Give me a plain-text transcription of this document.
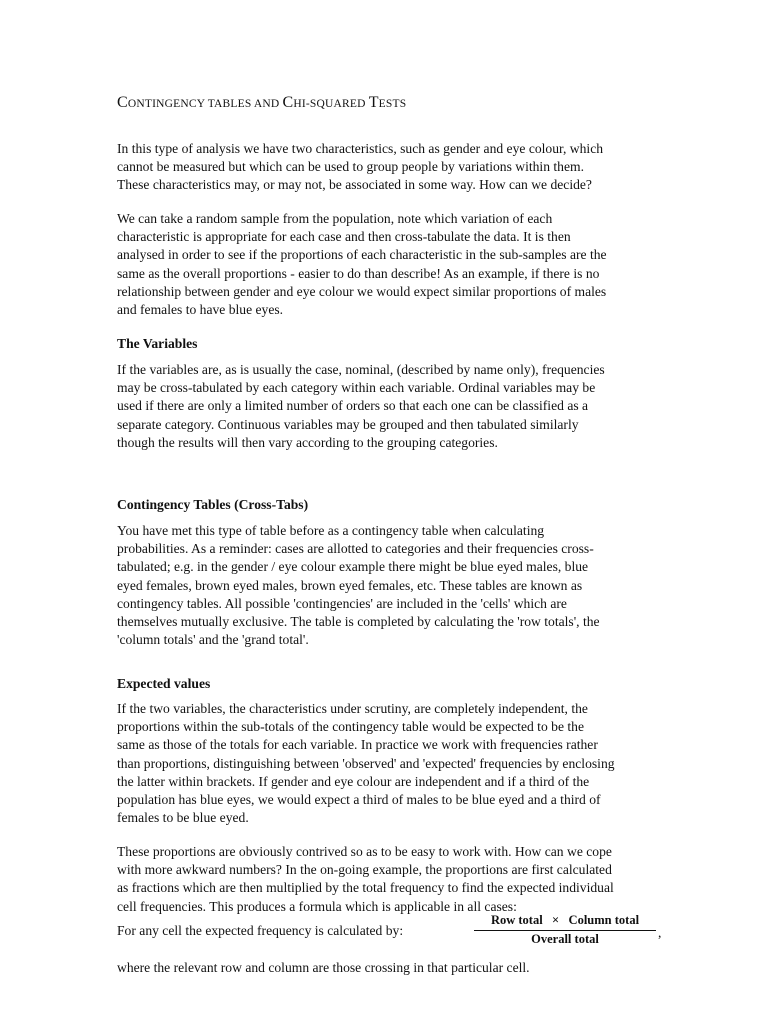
CONTINGENCY TABLES AND CHI-SQUARED TESTS

In this type of analysis we have two characteristics, such as gender and eye colour, which
cannot be measured but which can be used to group people by variations within them.
These characteristics may, or may not, be associated in some way. How can we decide?

We can take a random sample from the population, note which variation of each
characteristic is appropriate for each case and then cross-tabulate the data. It is then
analysed in order to see if the proportions of each characteristic in the sub-samples are the
same as the overall proportions - easier to do than describe! As an example, if there is no
relationship between gender and eye colour we would expect similar proportions of males
and females to have blue eyes.

The Variables

If the variables are, as is usually the case, nominal, (described by name only), frequencies
may be cross-tabulated by each category within each variable. Ordinal variables may be
used if there are only a limited number of orders so that each one can be classified as a
separate category. Continuous variables may be grouped and then tabulated similarly
though the results will then vary according to the grouping categories.

Contingency Tables (Cross-Tabs)

You have met this type of table before as a contingency table when calculating
probabilities. As a reminder: cases are allotted to categories and their frequencies cross-
tabulated; e.g. in the gender / eye colour example there might be blue eyed males, blue
eyed females, brown eyed males, brown eyed females, etc. These tables are known as
contingency tables. All possible 'contingencies' are included in the 'cells' which are
themselves mutually exclusive. The table is completed by calculating the 'row totals', the
'column totals' and the 'grand total'.

Expected values

If the two variables, the characteristics under scrutiny, are completely independent, the
proportions within the sub-totals of the contingency table would be expected to be the
same as those of the totals for each variable. In practice we work with frequencies rather
than proportions, distinguishing between 'observed' and 'expected' frequencies by enclosing
the latter within brackets. If gender and eye colour are independent and if a third of the
population has blue eyes, we would expect a third of males to be blue eyed and a third of
females to be blue eyed.

These proportions are obviously contrived so as to be easy to work with. How can we cope
with more awkward numbers? In the on-going example, the proportions are first calculated
as fractions which are then multiplied by the total frequency to find the expected individual
cell frequencies. This produces a formula which is applicable in all cases:

For any cell the expected frequency is calculated by:
Row total   ×   Column total
Overall total	,
where the relevant row and column are those crossing in that particular cell.
